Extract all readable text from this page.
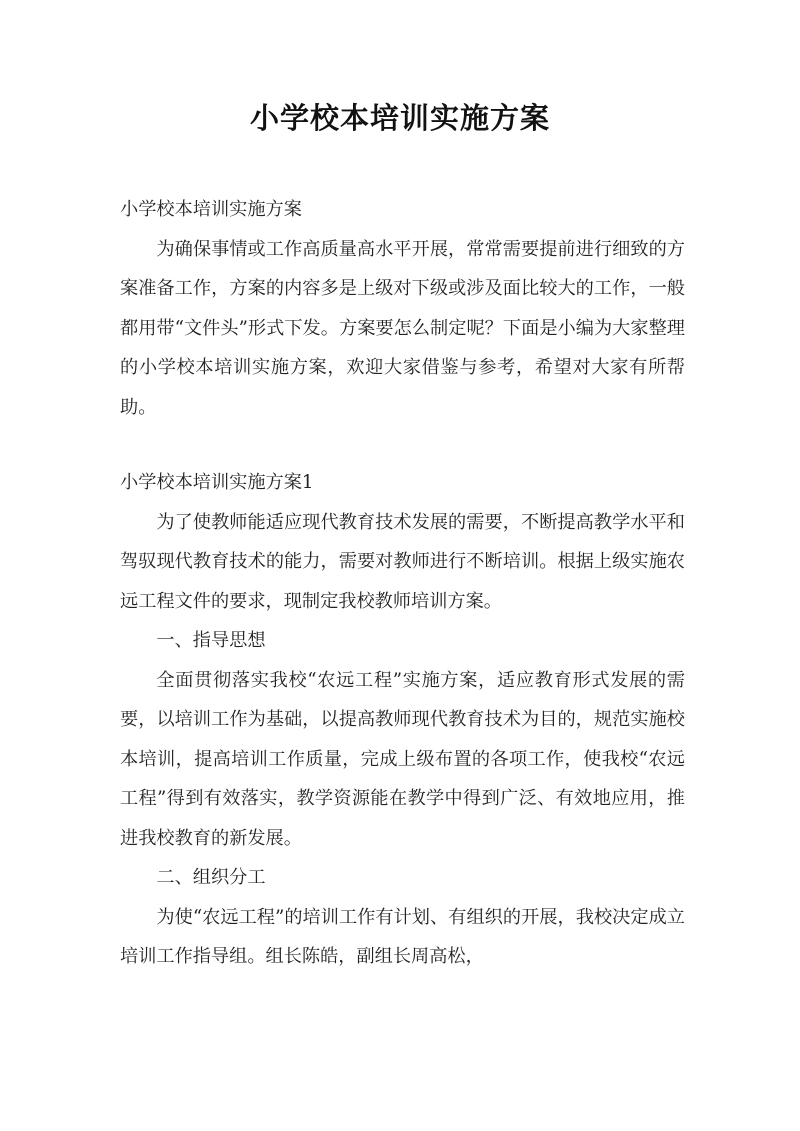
小学校本培训实施方案

小学校本培训实施方案

为确保事情或工作高质量高水平开展，常常需要提前进行细致的方案准备工作，方案的内容多是上级对下级或涉及面比较大的工作，一般都用带“文件头”形式下发。方案要怎么制定呢？下面是小编为大家整理的小学校本培训实施方案，欢迎大家借鉴与参考，希望对大家有所帮助。

小学校本培训实施方案1

为了使教师能适应现代教育技术发展的需要，不断提高教学水平和驾驭现代教育技术的能力，需要对教师进行不断培训。根据上级实施农远工程文件的要求，现制定我校教师培训方案。

一、指导思想

全面贯彻落实我校“农远工程”实施方案，适应教育形式发展的需要，以培训工作为基础，以提高教师现代教育技术为目的，规范实施校本培训，提高培训工作质量，完成上级布置的各项工作，使我校“农远工程”得到有效落实，教学资源能在教学中得到广泛、有效地应用，推进我校教育的新发展。

二、组织分工

为使“农远工程”的培训工作有计划、有组织的开展，我校决定成立培训工作指导组。组长陈皓，副组长周高松，
